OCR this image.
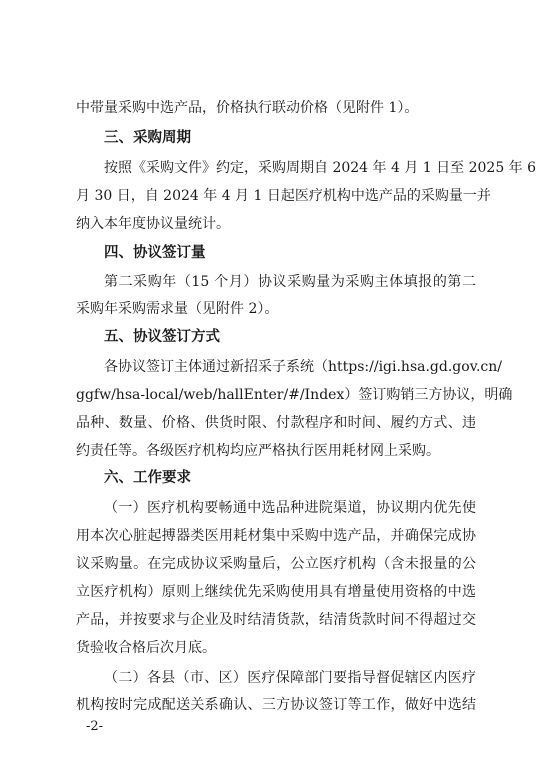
中带量采购中选产品，价格执行联动价格（见附件 1）。
三、采购周期
按照《采购文件》约定，采购周期自 2024 年 4 月 1 日至 2025 年 6
月 30 日，自 2024 年 4 月 1 日起医疗机构中选产品的采购量一并
纳入本年度协议量统计。
四、协议签订量
第二采购年（15 个月）协议采购量为采购主体填报的第二
采购年采购需求量（见附件 2）。
五、协议签订方式
各协议签订主体通过新招采子系统（https://igi.hsa.gd.gov.cn/
ggfw/hsa-local/web/hallEnter/#/Index）签订购销三方协议，明确
品种、数量、价格、供货时限、付款程序和时间、履约方式、违
约责任等。各级医疗机构均应严格执行医用耗材网上采购。
六、工作要求
（一）医疗机构要畅通中选品种进院渠道，协议期内优先使
用本次心脏起搏器类医用耗材集中采购中选产品，并确保完成协
议采购量。在完成协议采购量后，公立医疗机构（含未报量的公
立医疗机构）原则上继续优先采购使用具有增量使用资格的中选
产品，并按要求与企业及时结清货款，结清货款时间不得超过交
货验收合格后次月底。
（二）各县（市、区）医疗保障部门要指导督促辖区内医疗
机构按时完成配送关系确认、三方协议签订等工作，做好中选结
-2-
